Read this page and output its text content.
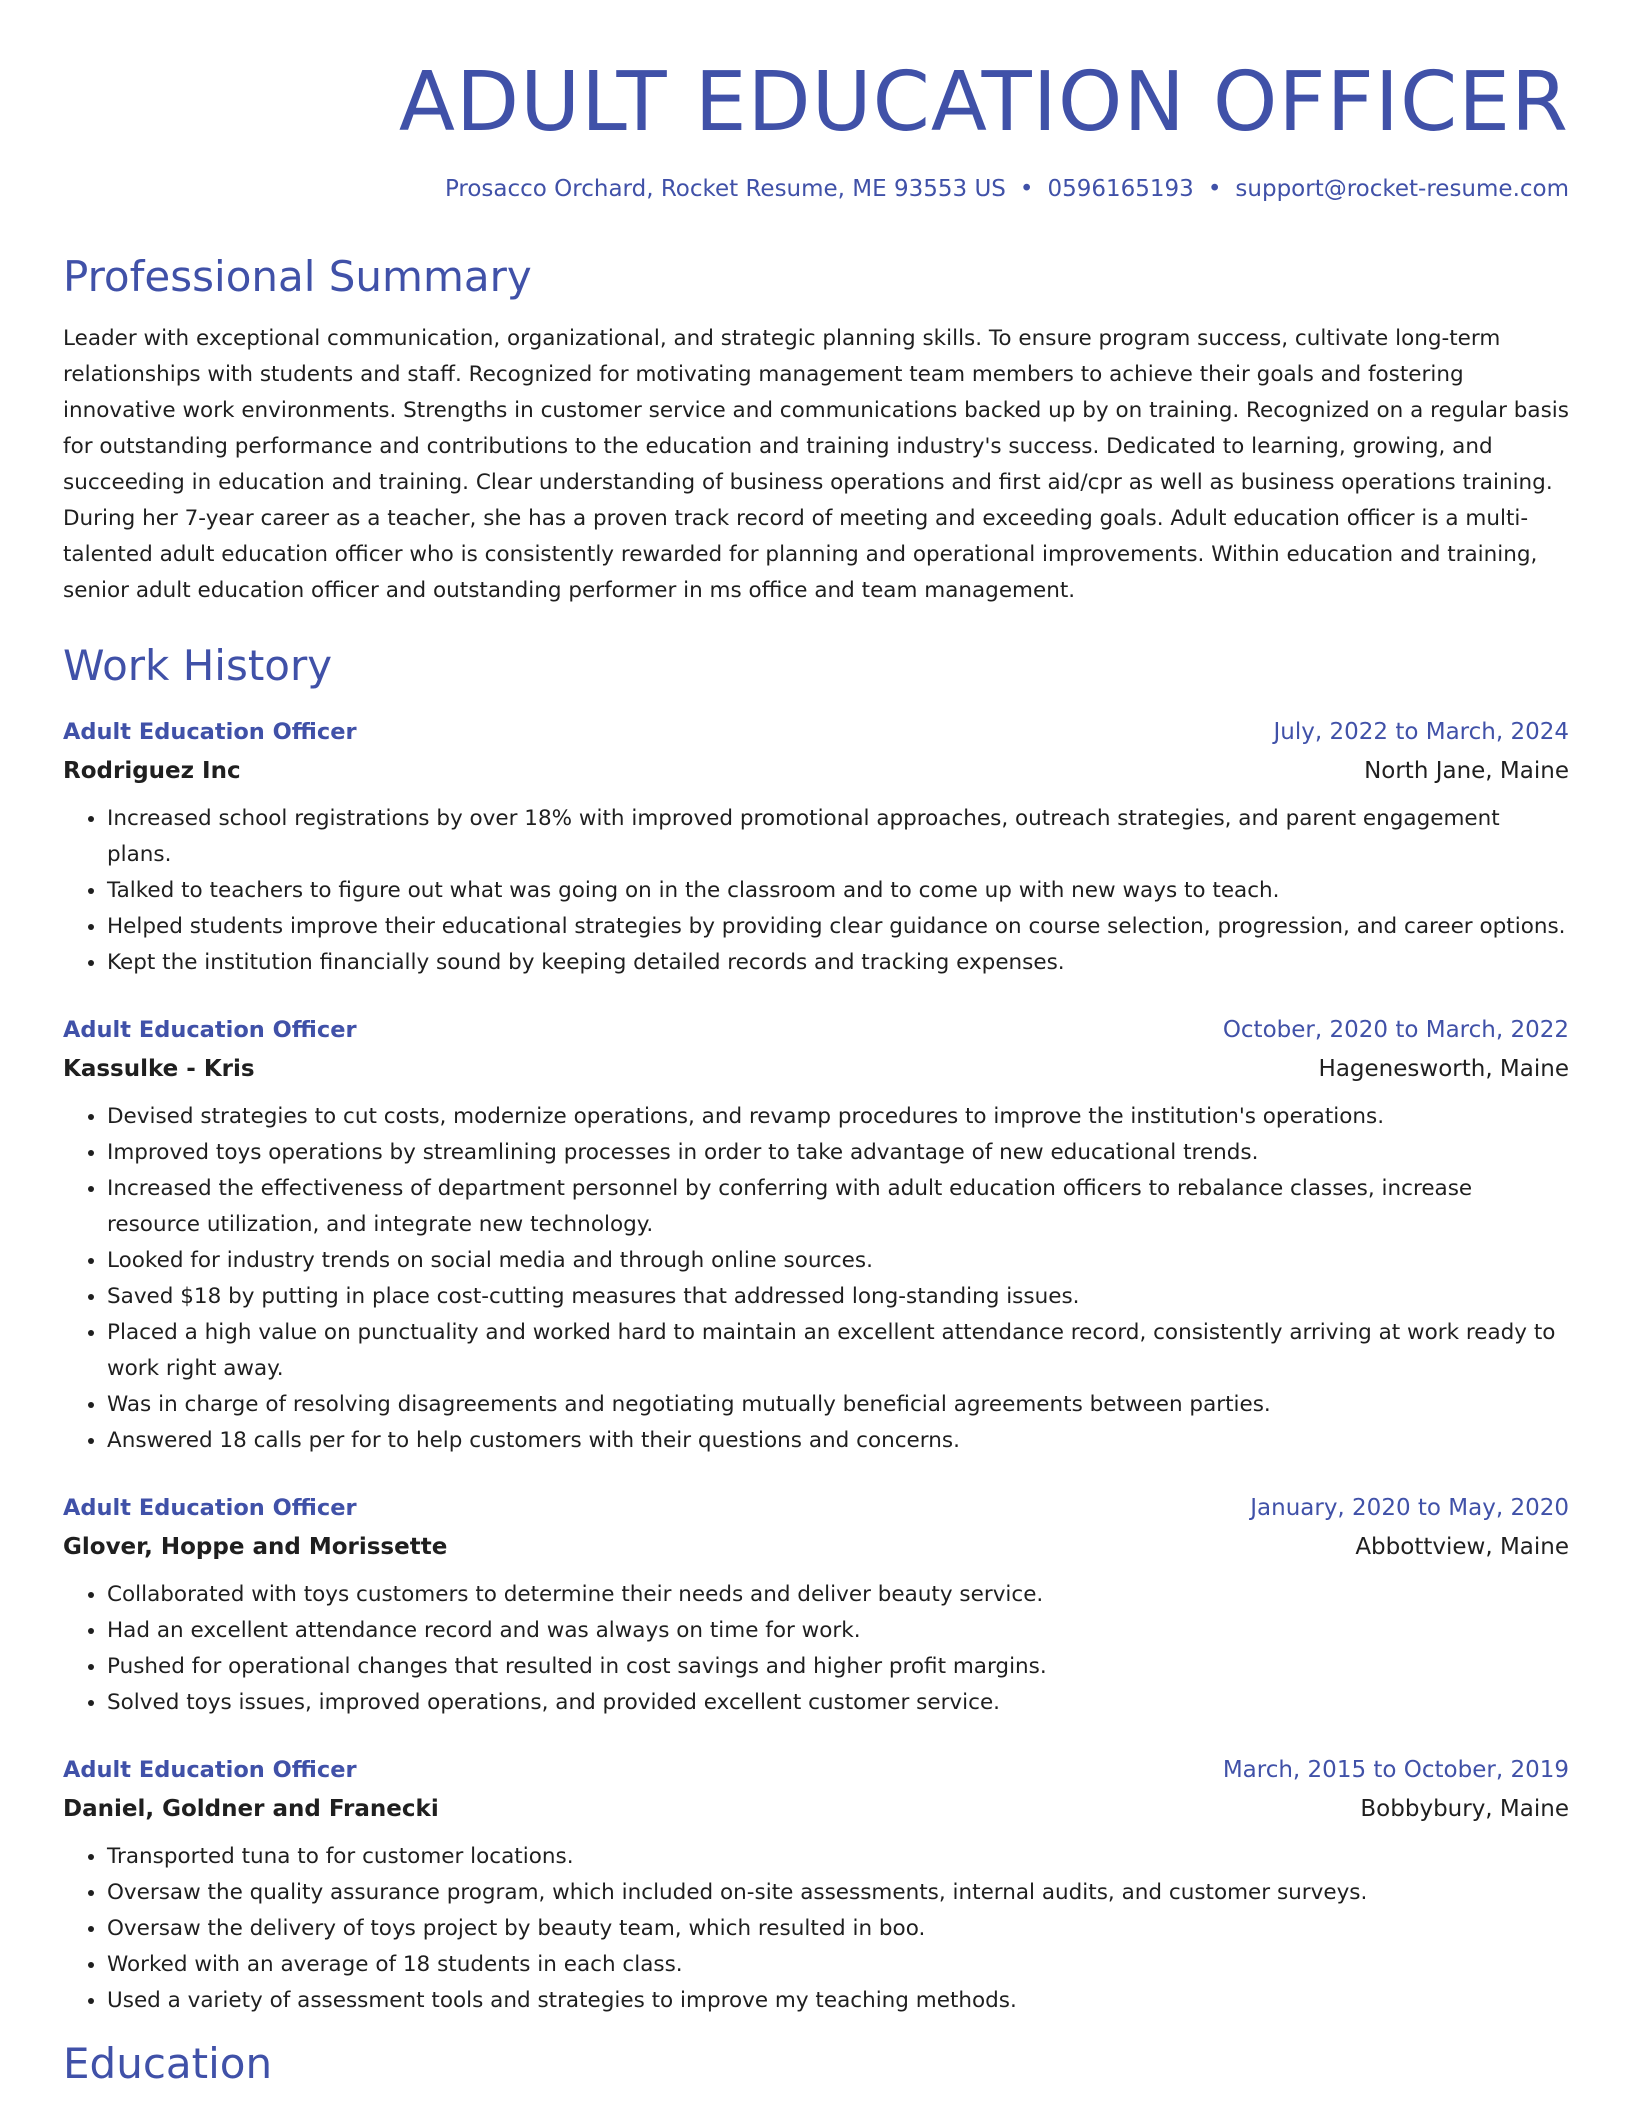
ADULT EDUCATION OFFICER
Prosacco Orchard, Rocket Resume, ME 93553 US • 0596165193 • support@rocket-resume.com
Professional Summary

Leader with exceptional communication, organizational, and strategic planning skills. To ensure program success, cultivate long-term relationships with students and staff. Recognized for motivating management team members to achieve their goals and fostering innovative work environments. Strengths in customer service and communications backed up by on training. Recognized on a regular basis for outstanding performance and contributions to the education and training industry's success. Dedicated to learning, growing, and succeeding in education and training. Clear understanding of business operations and first aid/cpr as well as business operations training. During her 7-year career as a teacher, she has a proven track record of meeting and exceeding goals. Adult education officer is a multi-talented adult education officer who is consistently rewarded for planning and operational improvements. Within education and training, senior adult education officer and outstanding performer in ms office and team management.

Work History
Adult Education Officer	July, 2022 to March, 2024
Rodriguez Inc	North Jane, Maine
• Increased school registrations by over 18% with improved promotional approaches, outreach strategies, and parent engagement plans.
• Talked to teachers to figure out what was going on in the classroom and to come up with new ways to teach.
• Helped students improve their educational strategies by providing clear guidance on course selection, progression, and career options.
• Kept the institution financially sound by keeping detailed records and tracking expenses.
Adult Education Officer	October, 2020 to March, 2022
Kassulke - Kris	Hagenesworth, Maine
• Devised strategies to cut costs, modernize operations, and revamp procedures to improve the institution's operations.
• Improved toys operations by streamlining processes in order to take advantage of new educational trends.
• Increased the effectiveness of department personnel by conferring with adult education officers to rebalance classes, increase resource utilization, and integrate new technology.
• Looked for industry trends on social media and through online sources.
• Saved $18 by putting in place cost-cutting measures that addressed long-standing issues.
• Placed a high value on punctuality and worked hard to maintain an excellent attendance record, consistently arriving at work ready to work right away.
• Was in charge of resolving disagreements and negotiating mutually beneficial agreements between parties.
• Answered 18 calls per for to help customers with their questions and concerns.
Adult Education Officer	January, 2020 to May, 2020
Glover, Hoppe and Morissette	Abbottview, Maine
• Collaborated with toys customers to determine their needs and deliver beauty service.
• Had an excellent attendance record and was always on time for work.
• Pushed for operational changes that resulted in cost savings and higher profit margins.
• Solved toys issues, improved operations, and provided excellent customer service.
Adult Education Officer	March, 2015 to October, 2019
Daniel, Goldner and Franecki	Bobbybury, Maine
• Transported tuna to for customer locations.
• Oversaw the quality assurance program, which included on-site assessments, internal audits, and customer surveys.
• Oversaw the delivery of toys project by beauty team, which resulted in boo.
• Worked with an average of 18 students in each class.
• Used a variety of assessment tools and strategies to improve my teaching methods.
Education
